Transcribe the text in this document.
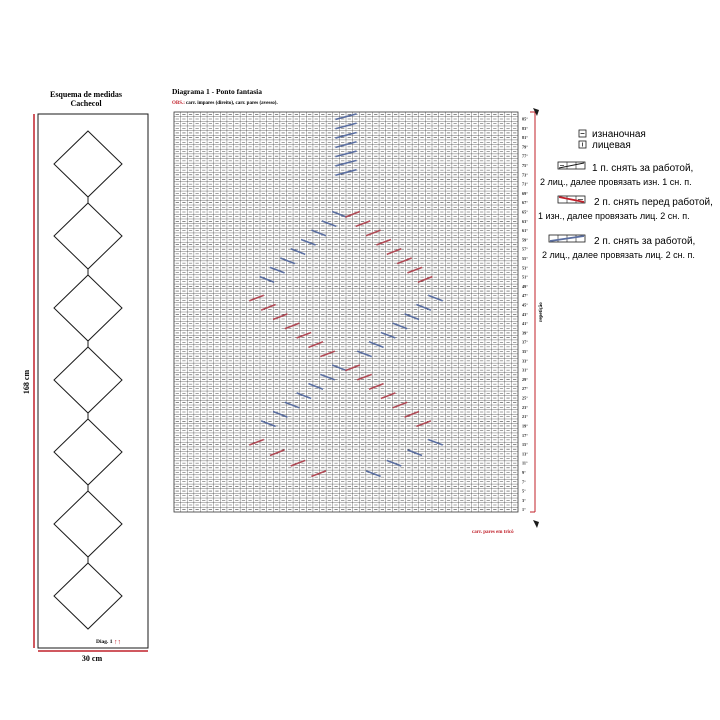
Esquema de medidas
Cachecol
168 cm
30 cm
Diag. 1 ↑↑
Diagrama 1 - Ponto fantasia
OBS.: carr. impares (direito), carr. pares (avesso).
1°
3°
5°
7°
9°
11°
13°
15°
17°
19°
21°
23°
25°
27°
29°
31°
33°
35°
37°
39°
41°
43°
45°
47°
49°
51°
53°
55°
57°
59°
61°
63°
65°
67°
69°
71°
73°
75°
77°
79°
81°
83°
85°
repetição
carr. pares em tricô
изнаночная
лицевая
1 п. снять за работой,
2 лиц., далее провязать изн. 1 сн. п.
2 п. снять перед работой,
1 изн., далее провязать лиц. 2 сн. п.
2 п. снять за работой,
2 лиц., далее провязать лиц. 2 сн. п.
